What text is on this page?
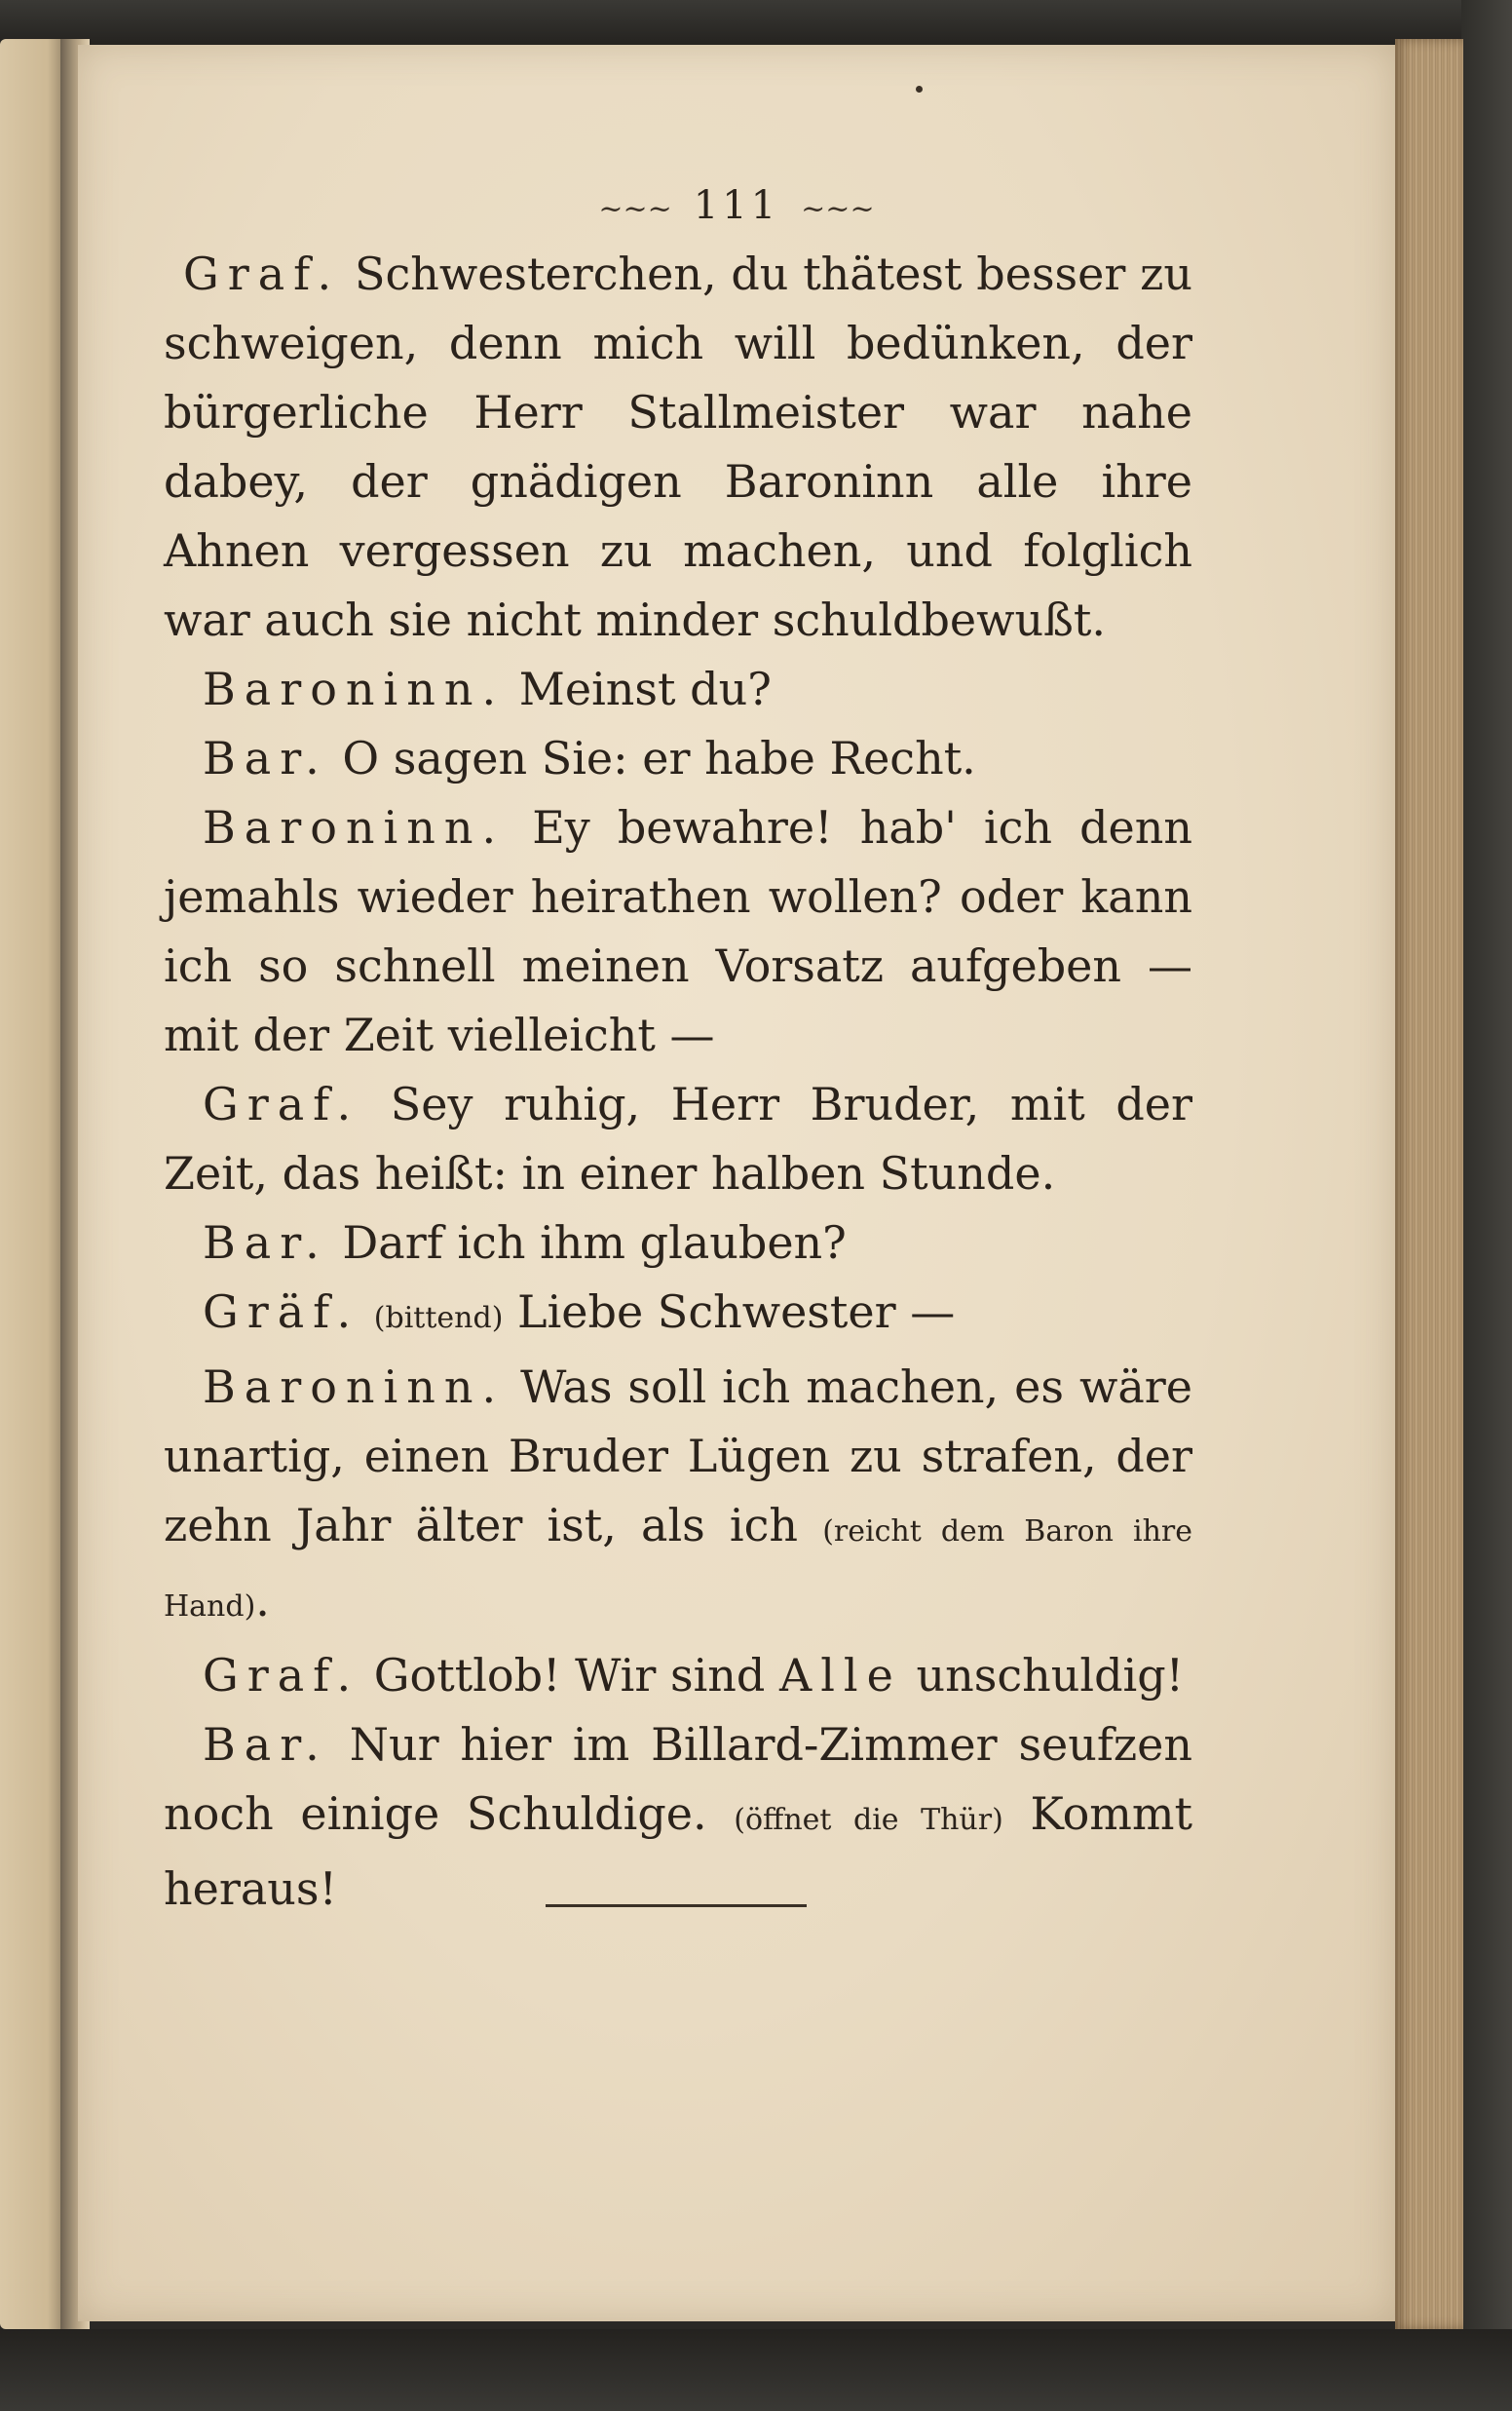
~~~ 111 ~~~

Graf. Schwesterchen, du thätest besser zu schweigen, denn mich will bedünken, der bürgerliche Herr Stallmeister war nahe dabey, der gnädigen Baroninn alle ihre Ahnen vergessen zu machen, und folglich war auch sie nicht minder schuldbewußt.

Baroninn. Meinst du?

Bar. O sagen Sie: er habe Recht.

Baroninn. Ey bewahre! hab' ich denn jemahls wieder heirathen wollen? oder kann ich so schnell meinen Vorsatz aufgeben — mit der Zeit vielleicht —

Graf. Sey ruhig, Herr Bruder, mit der Zeit, das heißt: in einer halben Stunde.

Bar. Darf ich ihm glauben?

Gräf. (bittend) Liebe Schwester —

Baroninn. Was soll ich machen, es wäre unartig, einen Bruder Lügen zu strafen, der zehn Jahr älter ist, als ich (reicht dem Baron ihre Hand).

Graf. Gottlob! Wir sind Alle unschuldig!

Bar. Nur hier im Billard-Zimmer seufzen noch einige Schuldige. (öffnet die Thür) Kommt heraus!
